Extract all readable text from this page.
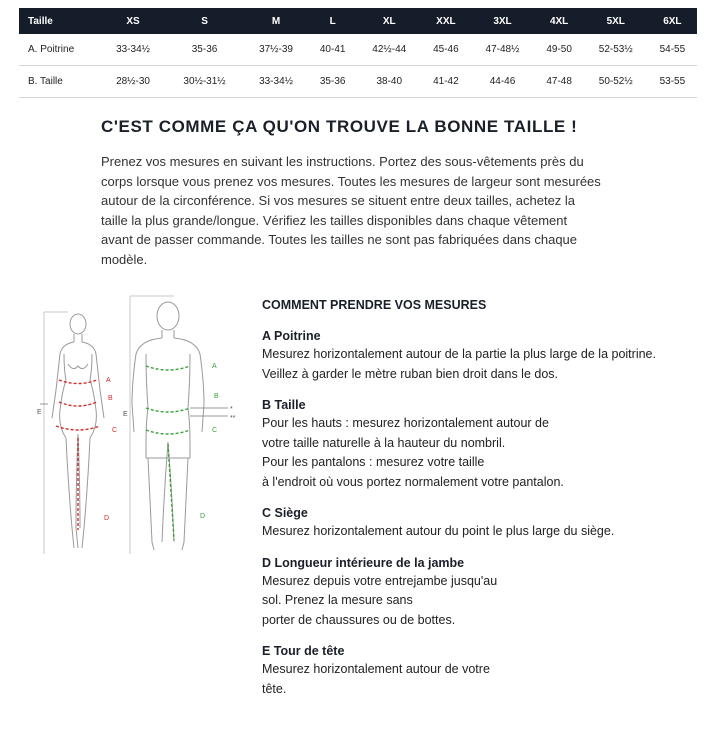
Taille	XS	S	M	L	XL	XXL	3XL	4XL	5XL	6XL
A. Poitrine	33-34½	35-36	37½-39	40-41	42½-44	45-46	47-48½	49-50	52-53½	54-55
B. Taille	28½-30	30½-31½	33-34½	35-36	38-40	41-42	44-46	47-48	50-52½	53-55
C'EST COMME ÇA QU'ON TROUVE LA BONNE TAILLE !
Prenez vos mesures en suivant les instructions. Portez des sous-vêtements près du
corps lorsque vous prenez vos mesures. Toutes les mesures de largeur sont mesurées
autour de la circonférence. Si vos mesures se situent entre deux tailles, achetez la
taille la plus grande/longue. Vérifiez les tailles disponibles dans chaque vêtement
avant de passer commande. Toutes les tailles ne sont pas fabriquées dans chaque
modèle.
A
B
C
D
E
A
B
C
D
E
*
**
COMMENT PRENDRE VOS MESURES
A Poitrine

Mesurez horizontalement autour de la partie la plus large de la poitrine.

Veillez à garder le mètre ruban bien droit dans le dos.

B Taille

Pour les hauts : mesurez horizontalement autour de

votre taille naturelle à la hauteur du nombril.

Pour les pantalons : mesurez votre taille

à l'endroit où vous portez normalement votre pantalon.

C Siège

Mesurez horizontalement autour du point le plus large du siège.

D Longueur intérieure de la jambe

Mesurez depuis votre entrejambe jusqu'au

sol. Prenez la mesure sans

porter de chaussures ou de bottes.

E Tour de tête

Mesurez horizontalement autour de votre

tête.
